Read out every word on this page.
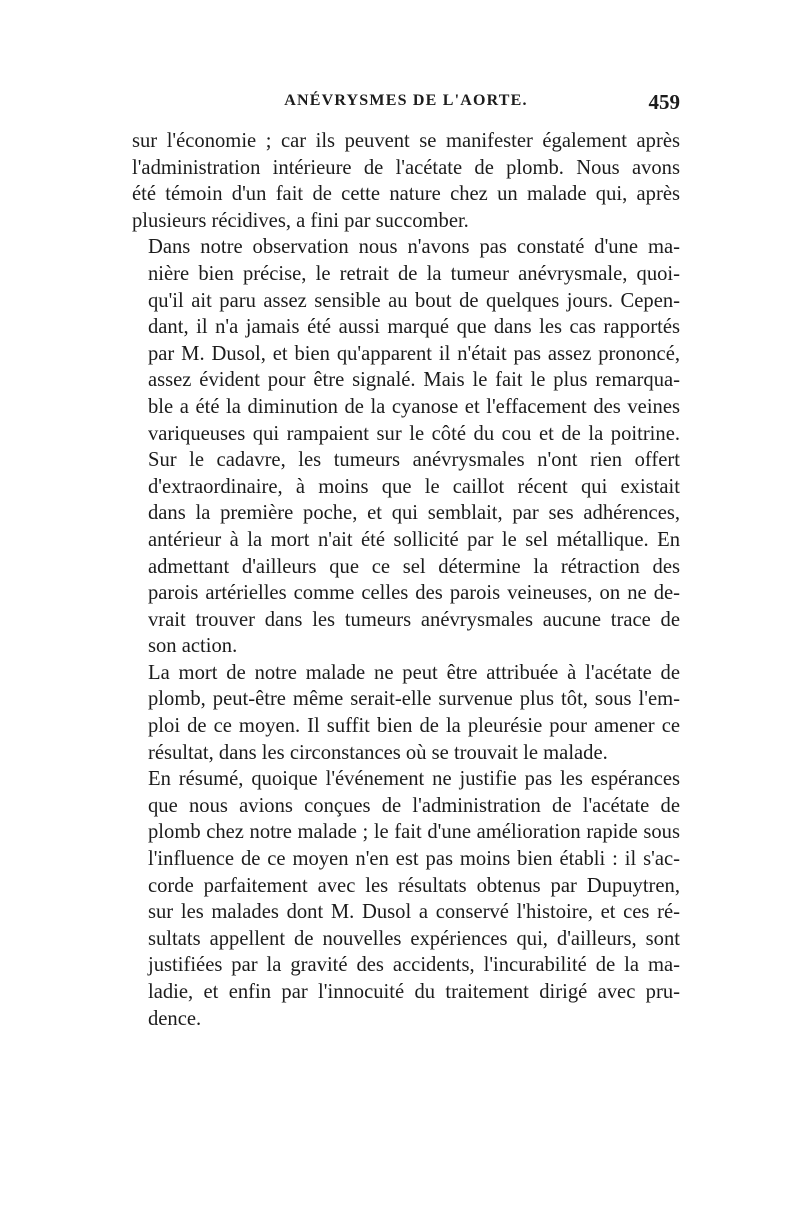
ANÉVRYSMES DE L'AORTE.	459

sur l'économie ; car ils peuvent se manifester également après
l'administration intérieure de l'acétate de plomb. Nous avons
été témoin d'un fait de cette nature chez un malade qui, après
plusieurs récidives, a fini par succomber.

Dans notre observation nous n'avons pas constaté d'une ma-
nière bien précise, le retrait de la tumeur anévrysmale, quoi-
qu'il ait paru assez sensible au bout de quelques jours. Cepen-
dant, il n'a jamais été aussi marqué que dans les cas rapportés
par M. Dusol, et bien qu'apparent il n'était pas assez prononcé,
assez évident pour être signalé. Mais le fait le plus remarqua-
ble a été la diminution de la cyanose et l'effacement des veines
variqueuses qui rampaient sur le côté du cou et de la poitrine.

Sur le cadavre, les tumeurs anévrysmales n'ont rien offert
d'extraordinaire, à moins que le caillot récent qui existait
dans la première poche, et qui semblait, par ses adhérences,
antérieur à la mort n'ait été sollicité par le sel métallique. En
admettant d'ailleurs que ce sel détermine la rétraction des
parois artérielles comme celles des parois veineuses, on ne de-
vrait trouver dans les tumeurs anévrysmales aucune trace de
son action.

La mort de notre malade ne peut être attribuée à l'acétate de
plomb, peut-être même serait-elle survenue plus tôt, sous l'em-
ploi de ce moyen. Il suffit bien de la pleurésie pour amener ce
résultat, dans les circonstances où se trouvait le malade.

En résumé, quoique l'événement ne justifie pas les espérances
que nous avions conçues de l'administration de l'acétate de
plomb chez notre malade ; le fait d'une amélioration rapide sous
l'influence de ce moyen n'en est pas moins bien établi : il s'ac-
corde parfaitement avec les résultats obtenus par Dupuytren,
sur les malades dont M. Dusol a conservé l'histoire, et ces ré-
sultats appellent de nouvelles expériences qui, d'ailleurs, sont
justifiées par la gravité des accidents, l'incurabilité de la ma-
ladie, et enfin par l'innocuité du traitement dirigé avec pru-
dence.
